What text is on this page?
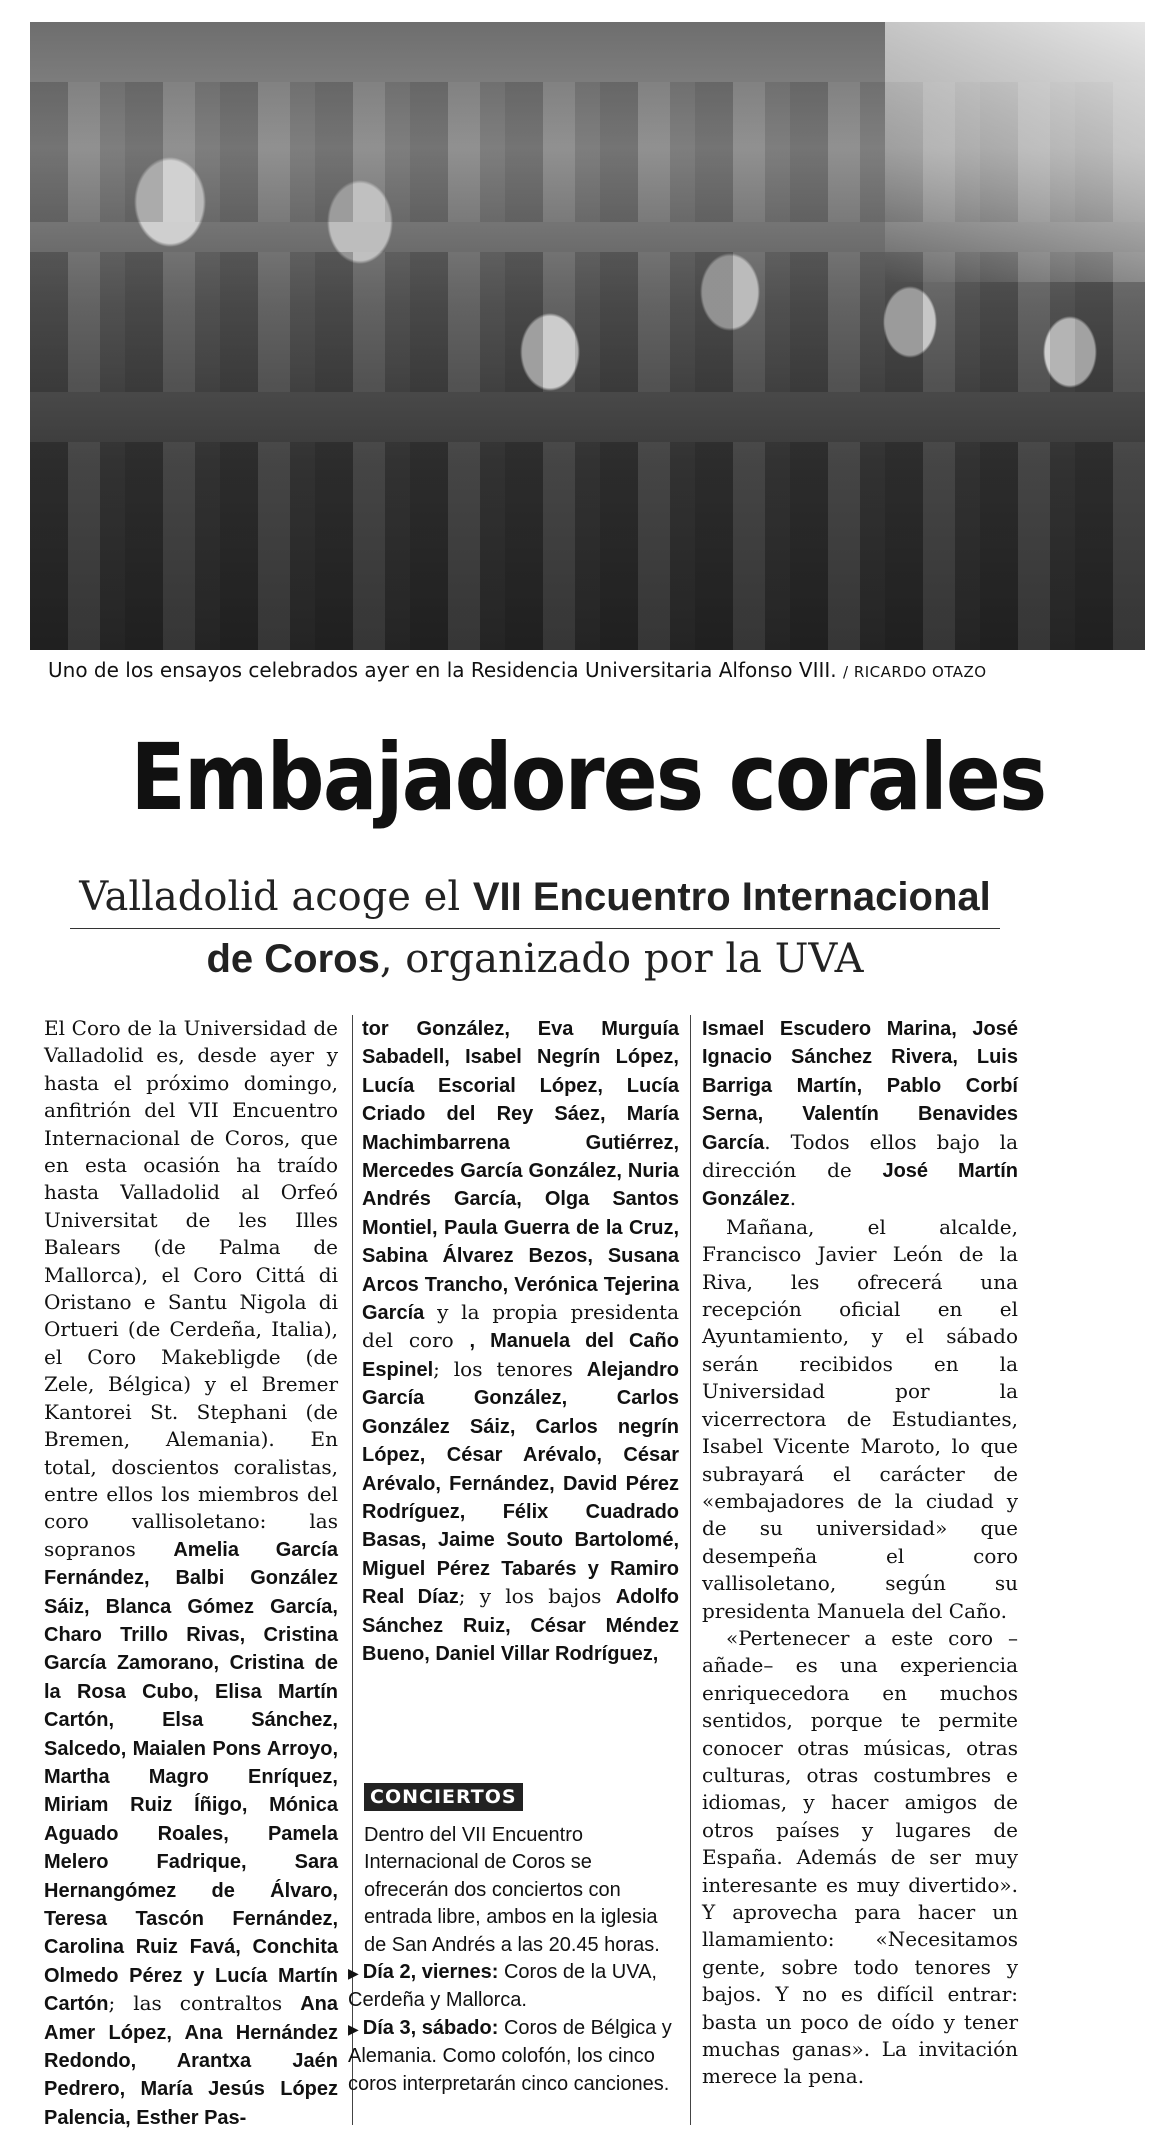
Uno de los ensayos celebrados ayer en la Residencia Universitaria Alfonso VIII. / RICARDO OTAZO
Embajadores corales
Valladolid acoge el VII Encuentro Internacional
de Coros, organizado por la UVA

El Coro de la Universidad de Valladolid es, desde ayer y hasta el próximo domingo, anfitrión del VII Encuentro Internacional de Coros, que en esta ocasión ha traído hasta Valladolid al Orfeó Universitat de les Illes Balears (de Palma de Mallorca), el Coro Cittá di Oristano e Santu Nigola di Ortueri (de Cerdeña, Italia), el Coro Makebligde (de Zele, Bélgica) y el Bremer Kantorei St. Stephani (de Bremen, Alemania). En total, doscientos coralistas, entre ellos los miembros del coro vallisoletano: las sopranos Amelia García Fernández, Balbi González Sáiz, Blanca Gómez García, Charo Trillo Rivas, Cristina García Zamorano, Cristina de la Rosa Cubo, Elisa Martín Cartón, Elsa Sánchez, Salcedo, Maialen Pons Arroyo, Martha Magro Enríquez, Miriam Ruiz Íñigo, Mónica Aguado Roales, Pamela Melero Fadrique, Sara Hernangómez de Álvaro, Teresa Tascón Fernández, Carolina Ruiz Favá, Conchita Olmedo Pérez y Lucía Martín Cartón; las contraltos Ana Amer López, Ana Hernández Redondo, Arantxa Jaén Pedrero, María Jesús López Palencia, Esther Pas-

tor González, Eva Murguía Sabadell, Isabel Negrín López, Lucía Escorial López, Lucía Criado del Rey Sáez, María Machimbarrena Gutiérrez, Mercedes García González, Nuria Andrés García, Olga Santos Montiel, Paula Guerra de la Cruz, Sabina Álvarez Bezos, Susana Arcos Trancho, Verónica Tejerina García y la propia presidenta del coro , Manuela del Caño Espinel; los tenores Alejandro García González, Carlos González Sáiz, Carlos negrín López, César Arévalo, César Arévalo, Fernández, David Pérez Rodríguez, Félix Cuadrado Basas, Jaime Souto Bartolomé, Miguel Pérez Tabarés y Ramiro Real Díaz; y los bajos Adolfo Sánchez Ruiz, César Méndez Bueno, Daniel Villar Rodríguez,

CONCIERTOS

Dentro del VII Encuentro Internacional de Coros se ofrecerán dos conciertos con entrada libre, ambos en la iglesia de San Andrés a las 20.45 horas.

▶ Día 2, viernes: Coros de la UVA, Cerdeña y Mallorca.

▶ Día 3, sábado: Coros de Bélgica y Alemania. Como colofón, los cinco coros interpretarán cinco canciones.

Ismael Escudero Marina, José Ignacio Sánchez Rivera, Luis Barriga Martín, Pablo Corbí Serna, Valentín Benavides García. Todos ellos bajo la dirección de José Martín González.

Mañana, el alcalde, Francisco Javier León de la Riva, les ofrecerá una recepción oficial en el Ayuntamiento, y el sábado serán recibidos en la Universidad por la vicerrectora de Estudiantes, Isabel Vicente Maroto, lo que subrayará el carácter de «embajadores de la ciudad y de su universidad» que desempeña el coro vallisoletano, según su presidenta Manuela del Caño.

«Pertenecer a este coro –añade– es una experiencia enriquecedora en muchos sentidos, porque te permite conocer otras músicas, otras culturas, otras costumbres e idiomas, y hacer amigos de otros países y lugares de España. Además de ser muy interesante es muy divertido». Y aprovecha para hacer un llamamiento: «Necesitamos gente, sobre todo tenores y bajos. Y no es difícil entrar: basta un poco de oído y tener muchas ganas». La invitación merece la pena.
